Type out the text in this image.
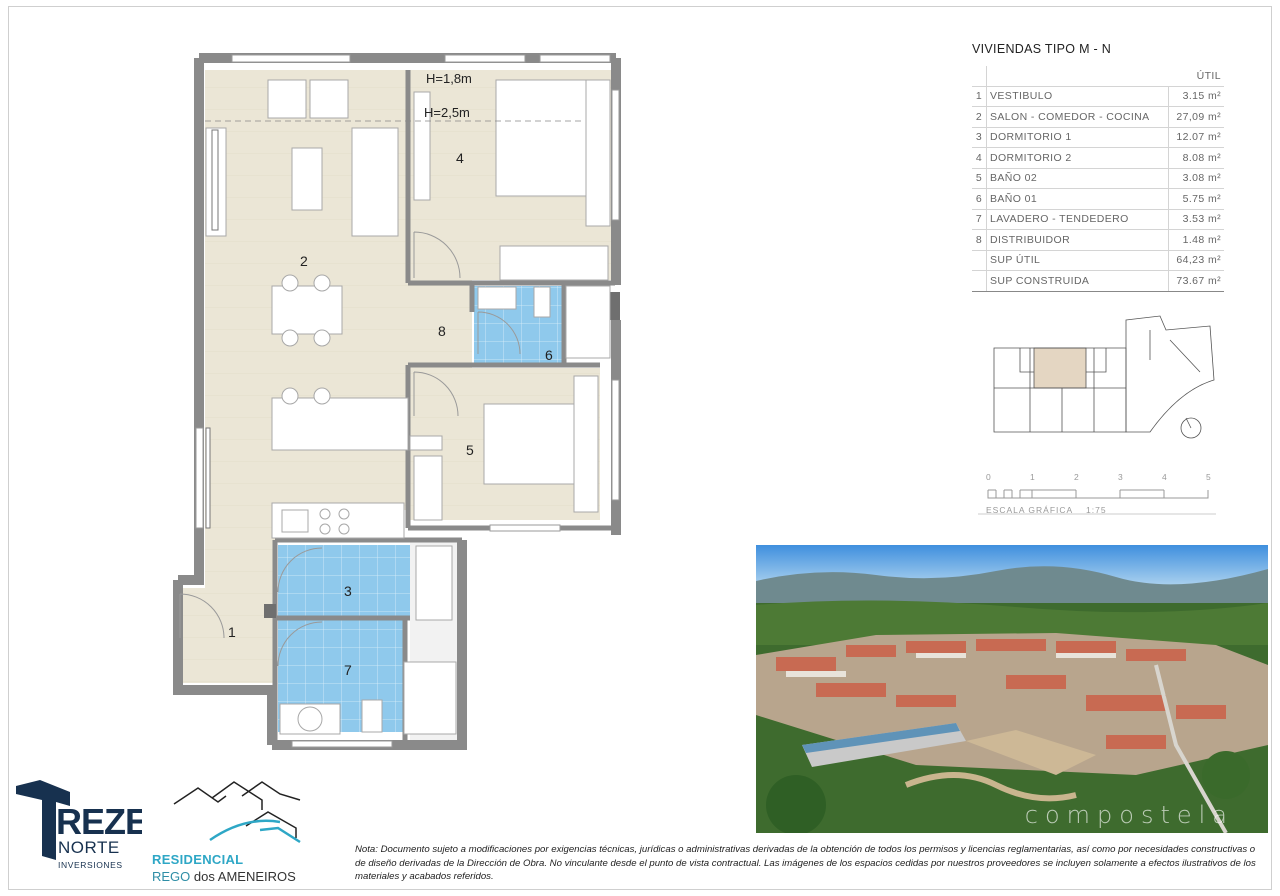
H=1,8m
H=2,5m
1
2
3
4
5
6
7
8
VIVIENDAS TIPO M - N
		ÚTIL
1	VESTIBULO	3.15 m²
2	SALON - COMEDOR - COCINA	27,09 m²
3	DORMITORIO 1	12.07 m²
4	DORMITORIO 2	8.08 m²
5	BAÑO 02	3.08 m²
6	BAÑO 01	5.75 m²
7	LAVADERO - TENDEDERO	3.53 m²
8	DISTRIBUIDOR	1.48 m²
	SUP ÚTIL	64,23 m²
	SUP CONSTRUIDA	73.67 m²
0	1	2	3	4	5
ESCALA GRÁFICA 1:75
compostela
REZE
NORTE
INVERSIONES RESIDENCIAL
REGO dos AMENEIROS
Nota: Documento sujeto a modificaciones por exigencias técnicas, jurídicas o administrativas derivadas de la obtención de todos los permisos y licencias reglamentarias, así como por necesidades constructivas o de diseño derivadas de la Dirección de Obra. No vinculante desde el punto de vista contractual. Las imágenes de los espacios cedidas por nuestros proveedores se incluyen solamente a efectos ilustrativos de los materiales y acabados referidos.
